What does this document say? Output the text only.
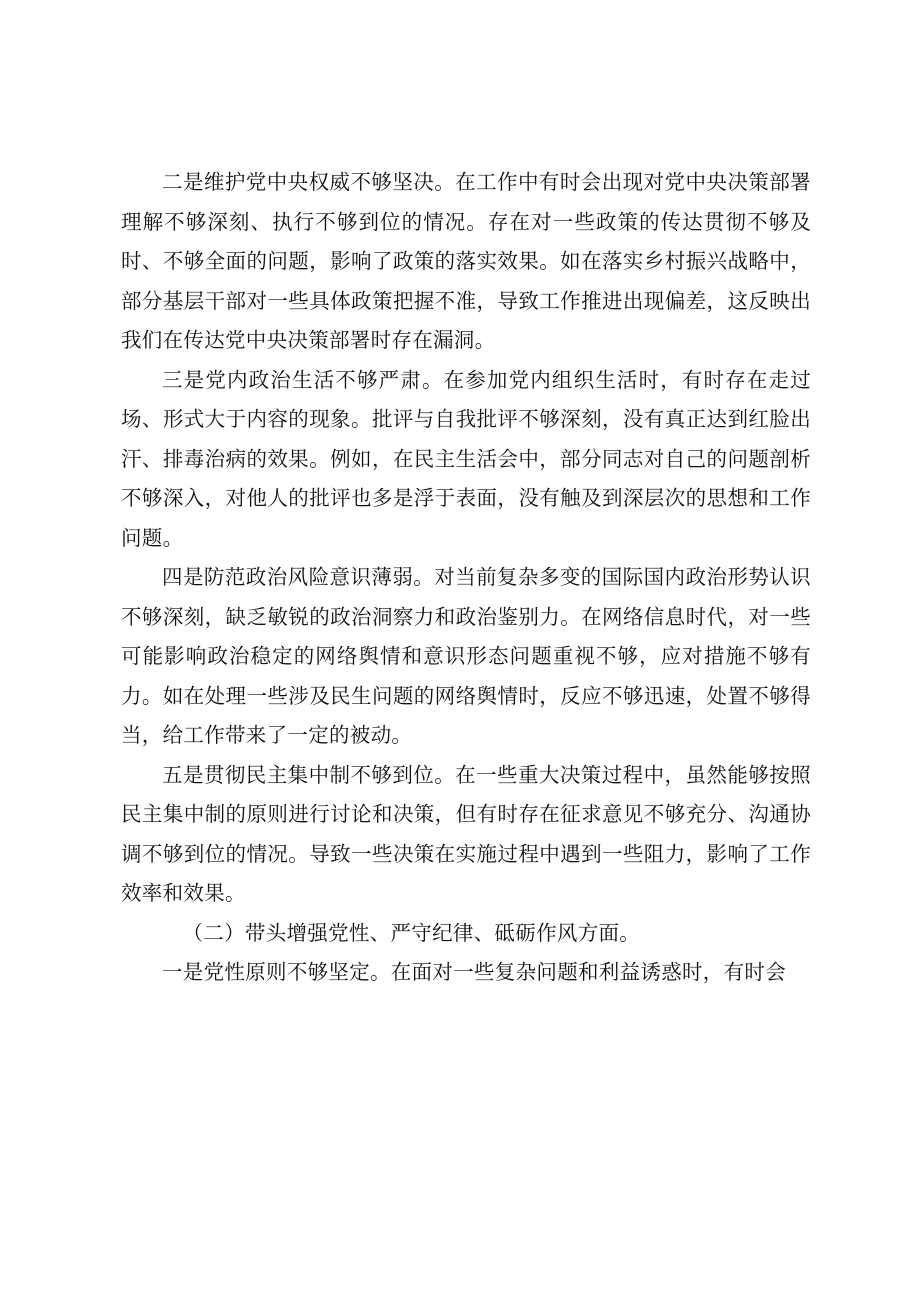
二是维护党中央权威不够坚决。在工作中有时会出现对党中央决策部署理解不够深刻、执行不够到位的情况。存在对一些政策的传达贯彻不够及时、不够全面的问题，影响了政策的落实效果。如在落实乡村振兴战略中，部分基层干部对一些具体政策把握不准，导致工作推进出现偏差，这反映出我们在传达党中央决策部署时存在漏洞。

三是党内政治生活不够严肃。在参加党内组织生活时，有时存在走过场、形式大于内容的现象。批评与自我批评不够深刻，没有真正达到红脸出汗、排毒治病的效果。例如，在民主生活会中，部分同志对自己的问题剖析不够深入，对他人的批评也多是浮于表面，没有触及到深层次的思想和工作问题。

四是防范政治风险意识薄弱。对当前复杂多变的国际国内政治形势认识不够深刻，缺乏敏锐的政治洞察力和政治鉴别力。在网络信息时代，对一些可能影响政治稳定的网络舆情和意识形态问题重视不够，应对措施不够有力。如在处理一些涉及民生问题的网络舆情时，反应不够迅速，处置不够得当，给工作带来了一定的被动。

五是贯彻民主集中制不够到位。在一些重大决策过程中，虽然能够按照民主集中制的原则进行讨论和决策，但有时存在征求意见不够充分、沟通协调不够到位的情况。导致一些决策在实施过程中遇到一些阻力，影响了工作效率和效果。

（二）带头增强党性、严守纪律、砥砺作风方面。

一是党性原则不够坚定。在面对一些复杂问题和利益诱惑时，有时会
